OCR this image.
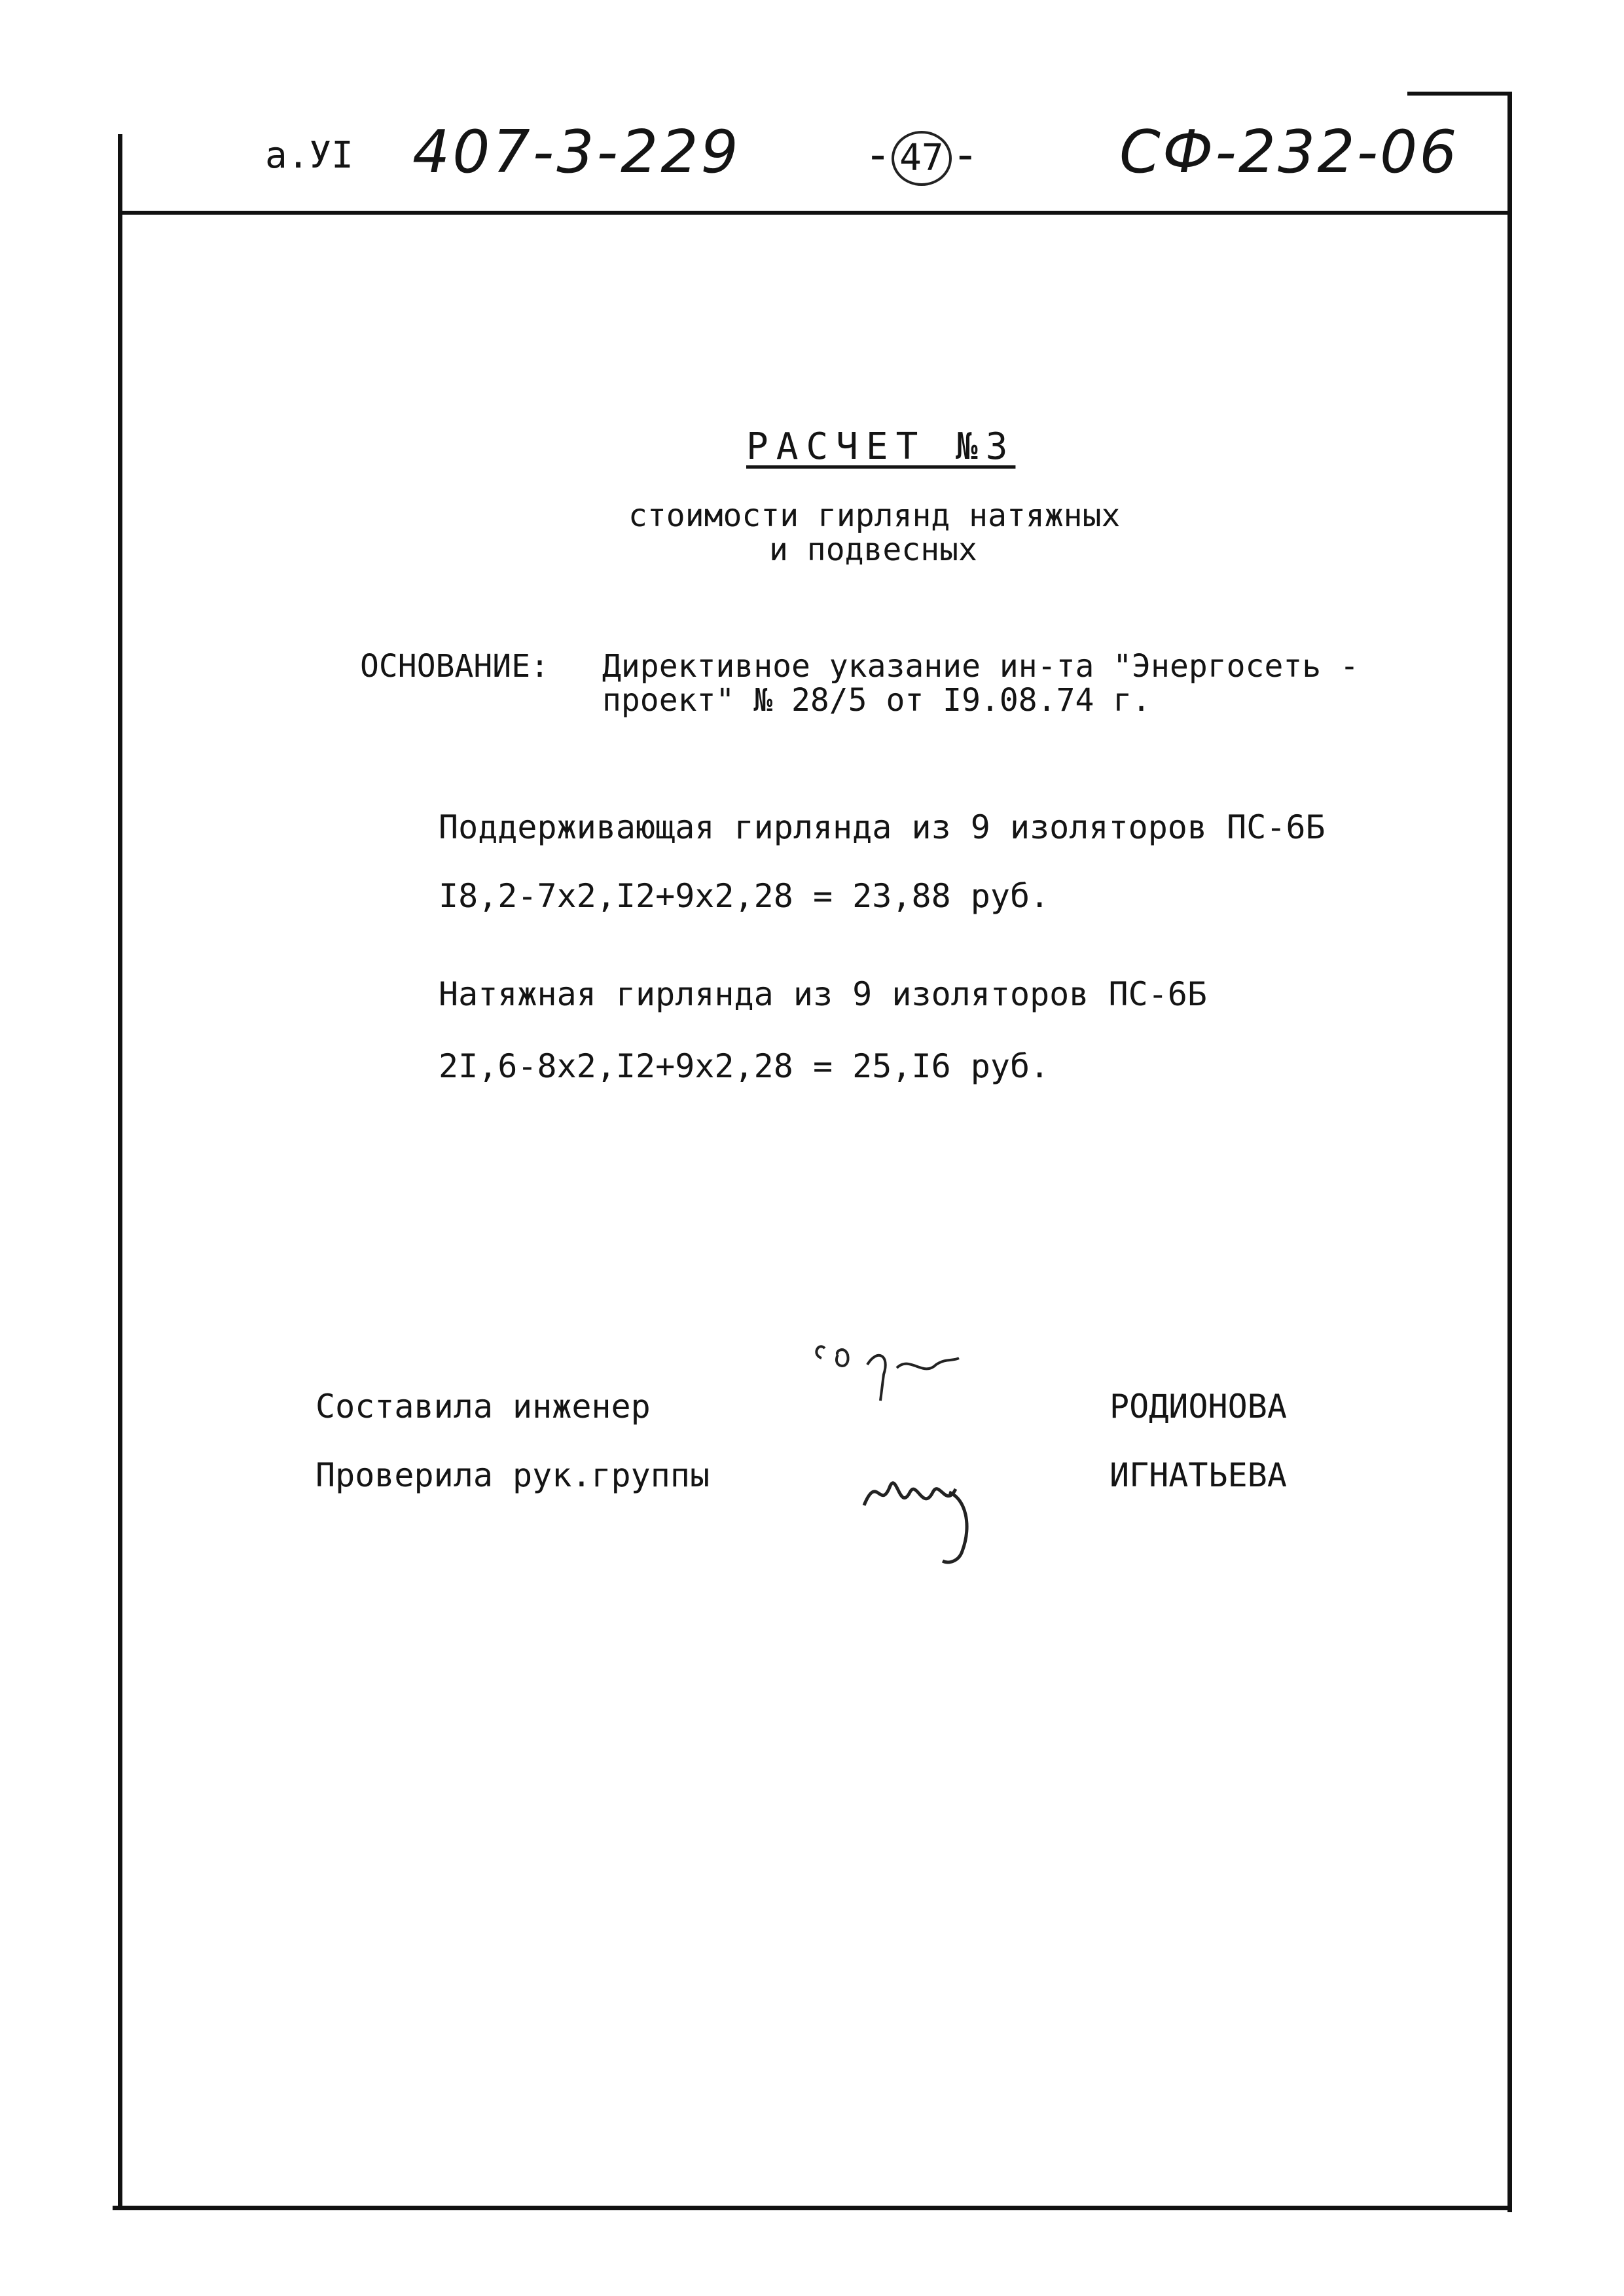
а.УI 407-3-229	- 47 - СФ-232-06
РАСЧЕТ №3
стоимости гирлянд натяжных
и подвесных
ОСНОВАНИЕ: Директивное указание ин-та "Энергосеть -
проект" № 28/5 от I9.08.74 г.
Поддерживающая гирлянда из 9 изоляторов ПС-6Б
I8,2-7x2,I2+9x2,28 = 23,88 руб.
Натяжная гирлянда из 9 изоляторов ПС-6Б
2I,6-8x2,I2+9x2,28 = 25,I6 руб.
Составила инженер	РОДИОНОВА
Проверила рук.группы	ИГНАТЬЕВА
